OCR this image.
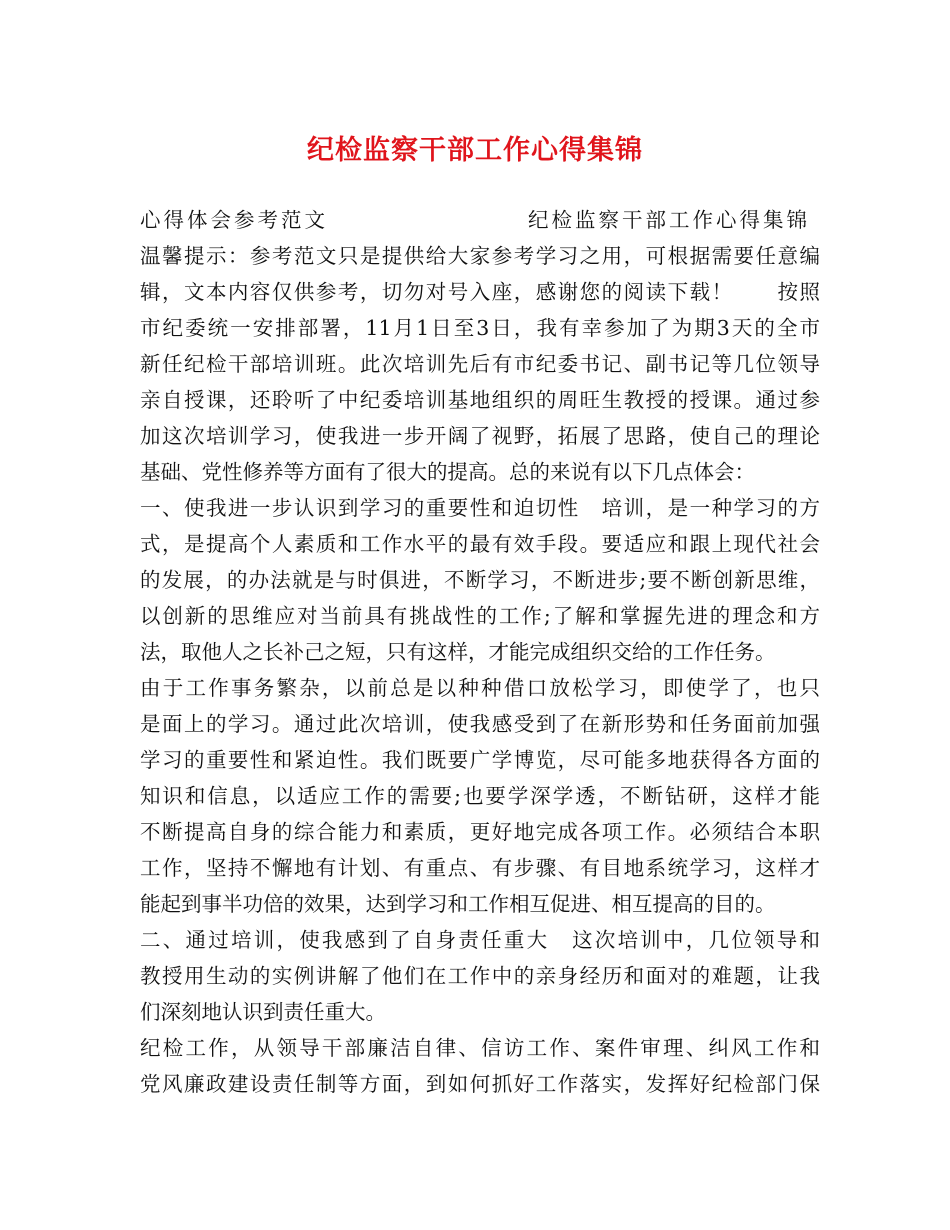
纪检监察干部工作心得集锦
心得体会参考范文	纪检监察干部工作心得集锦
温馨提示：参考范文只是提供给大家参考学习之用，可根据需要任意编
辑，文本内容仅供参考，切勿对号入座，感谢您的阅读下载！　　按照
市纪委统一安排部署，11月1日至3日，我有幸参加了为期3天的全市
新任纪检干部培训班。此次培训先后有市纪委书记、副书记等几位领导
亲自授课，还聆听了中纪委培训基地组织的周旺生教授的授课。通过参
加这次培训学习，使我进一步开阔了视野，拓展了思路，使自己的理论
基础、党性修养等方面有了很大的提高。总的来说有以下几点体会：
一、使我进一步认识到学习的重要性和迫切性　培训，是一种学习的方
式，是提高个人素质和工作水平的最有效手段。要适应和跟上现代社会
的发展，的办法就是与时俱进，不断学习，不断进步;要不断创新思维，
以创新的思维应对当前具有挑战性的工作;了解和掌握先进的理念和方
法，取他人之长补己之短，只有这样，才能完成组织交给的工作任务。
由于工作事务繁杂，以前总是以种种借口放松学习，即使学了，也只
是面上的学习。通过此次培训，使我感受到了在新形势和任务面前加强
学习的重要性和紧迫性。我们既要广学博览，尽可能多地获得各方面的
知识和信息，以适应工作的需要;也要学深学透，不断钻研，这样才能
不断提高自身的综合能力和素质，更好地完成各项工作。必须结合本职
工作，坚持不懈地有计划、有重点、有步骤、有目地系统学习，这样才
能起到事半功倍的效果，达到学习和工作相互促进、相互提高的目的。
二、通过培训，使我感到了自身责任重大　这次培训中，几位领导和
教授用生动的实例讲解了他们在工作中的亲身经历和面对的难题，让我
们深刻地认识到责任重大。
纪检工作，从领导干部廉洁自律、信访工作、案件审理、纠风工作和
党风廉政建设责任制等方面，到如何抓好工作落实，发挥好纪检部门保
